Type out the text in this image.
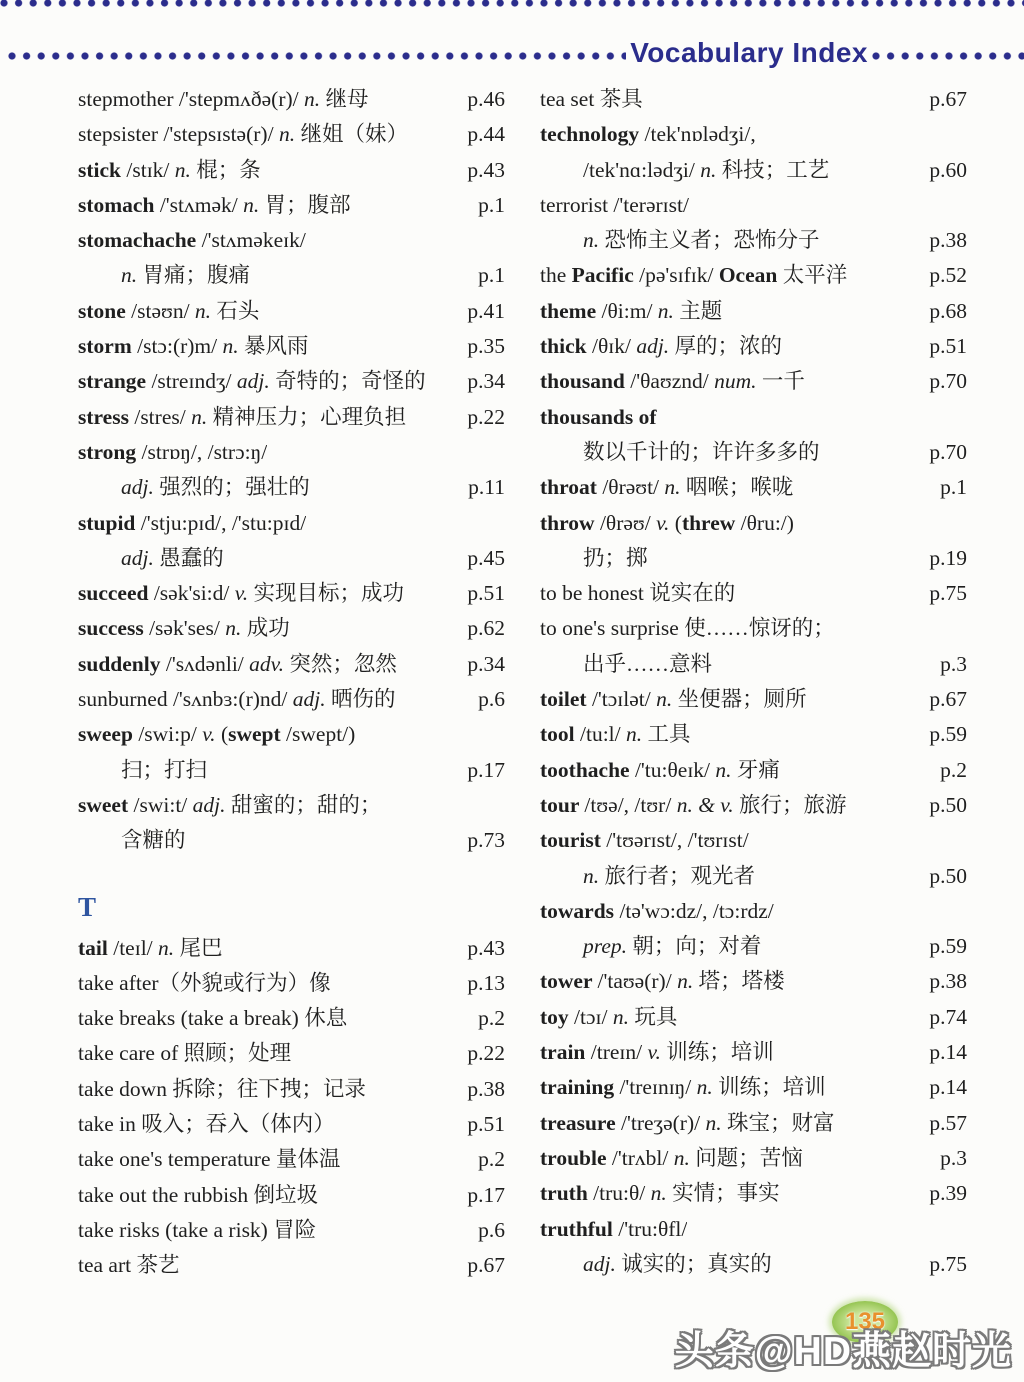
Vocabulary Index
stepmother /'stepmʌðə(r)/ n. 继母	p.46
stepsister /'stepsɪstə(r)/ n. 继姐（妹）	p.44
stick /stɪk/ n. 棍；条	p.43
stomach /'stʌmək/ n. 胃；腹部	p.1
stomachache /'stʌməkeɪk/
n. 胃痛；腹痛	p.1
stone /stəʊn/ n. 石头	p.41
storm /stɔ:(r)m/ n. 暴风雨	p.35
strange /streɪndʒ/ adj. 奇特的；奇怪的 p.34
stress /stres/ n. 精神压力；心理负担	p.22
strong /strɒŋ/, /strɔ:ŋ/
adj. 强烈的；强壮的	p.11
stupid /'stju:pɪd/, /'stu:pɪd/
adj. 愚蠢的	p.45
succeed /sək'si:d/ v. 实现目标；成功	p.51
success /sək'ses/ n. 成功	p.62
suddenly /'sʌdənli/ adv. 突然；忽然	p.34
sunburned /'sʌnbɜ:(r)nd/ adj. 晒伤的	p.6
sweep /swi:p/ v. (swept /swept/)
扫；打扫	p.17
sweet /swi:t/ adj. 甜蜜的；甜的；
含糖的	p.73
T
tail /teɪl/ n. 尾巴	p.43
take after（外貌或行为）像	p.13
take breaks (take a break) 休息	p.2
take care of 照顾；处理	p.22
take down 拆除；往下拽；记录	p.38
take in 吸入；吞入（体内）	p.51
take one's temperature 量体温	p.2
take out the rubbish 倒垃圾	p.17
take risks (take a risk) 冒险	p.6
tea art 茶艺	p.67
tea set 茶具	p.67
technology /tek'nɒlədʒi/,
/tek'nɑ:lədʒi/ n. 科技；工艺	p.60
terrorist /'terərɪst/
n. 恐怖主义者；恐怖分子	p.38
the Pacific /pə'sɪfɪk/ Ocean 太平洋	p.52
theme /θi:m/ n. 主题	p.68
thick /θɪk/ adj. 厚的；浓的	p.51
thousand /'θaʊznd/ num. 一千	p.70
thousands of
数以千计的；许许多多的	p.70
throat /θrəʊt/ n. 咽喉；喉咙	p.1
throw /θrəʊ/ v. (threw /θru:/)
扔；掷	p.19
to be honest 说实在的	p.75
to one's surprise 使……惊讶的；
出乎……意料	p.3
toilet /'tɔɪlət/ n. 坐便器；厕所	p.67
tool /tu:l/ n. 工具	p.59
toothache /'tu:θeɪk/ n. 牙痛	p.2
tour /tʊə/, /tʊr/ n. & v. 旅行；旅游	p.50
tourist /'tʊərɪst/, /'tʊrɪst/
n. 旅行者；观光者	p.50
towards /tə'wɔ:dz/, /tɔ:rdz/
prep. 朝；向；对着	p.59
tower /'taʊə(r)/ n. 塔；塔楼	p.38
toy /tɔɪ/ n. 玩具	p.74
train /treɪn/ v. 训练；培训	p.14
training /'treɪnɪŋ/ n. 训练；培训	p.14
treasure /'treʒə(r)/ n. 珠宝；财富	p.57
trouble /'trʌbl/ n. 问题；苦恼	p.3
truth /tru:θ/ n. 实情；事实	p.39
truthful /'tru:θfl/
adj. 诚实的；真实的	p.75
135
头条@HD燕赵时光
